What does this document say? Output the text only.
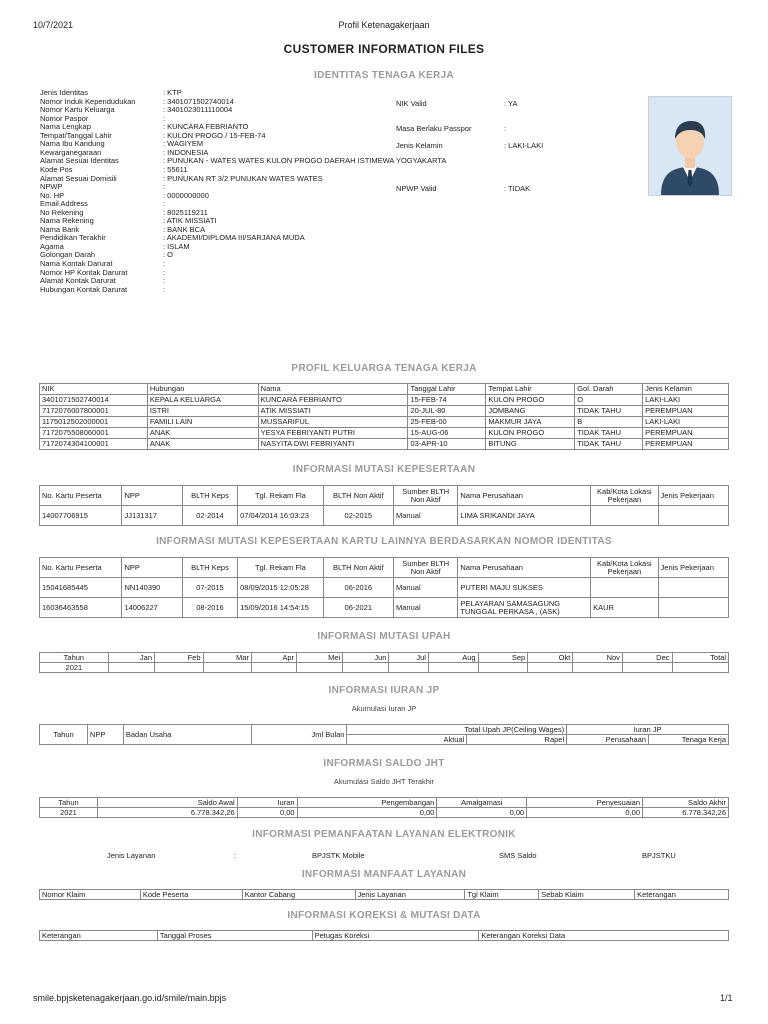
10/7/2021	Profil Ketenagakerjaan
CUSTOMER INFORMATION FILES
IDENTITAS TENAGA KERJA
Jenis Identitas	: KTP
Nomor Induk Kependudukan	: 3401071502740014
Nomor Kartu Keluarga	: 3401023011110004
Nomor Paspor	:
Nama Lengkap	: KUNCARA FEBRIANTO
Tempat/Tanggal Lahir	: KULON PROGO / 15-FEB-74
Nama Ibu Kandung	: WAGIYEM
Kewarganegaraan	: INDONESIA
Alamat Sesuai Identitas	: PUNUKAN - WATES WATES KULON PROGO DAERAH ISTIMEWA YOGYAKARTA
Kode Pos	: 55611
Alamat Sesuai Domisili	: PUNUKAN RT 3/2 PUNUKAN WATES WATES
NPWP	:
No. HP	: 0000000000
Email Address	:
No Rekening	: 8025119211
Nama Rekening	: ATIK MISSIATI
Nama Bank	: BANK BCA
Pendidikan Terakhir	: AKADEMI/DIPLOMA III/SARJANA MUDA
Agama	: ISLAM
Golongan Darah	: O
Nama Kontak Darurat	:
Nomor HP Kontak Darurat	:
Alamat Kontak Darurat	:
Hubungan Kontak Darurat	:
NIK Valid	: YA
Masa Berlaku Passpor	:
Jenis Kelamin	: LAKI-LAKI
NPWP Valid	: TIDAK
PROFIL KELUARGA TENAGA KERJA
NIK	Hubungan	Nama	Tanggal Lahir	Tempat Lahir	Gol. Darah	Jenis Kelamin
3401071502740014	KEPALA KELUARGA	KUNCARA FEBRIANTO	15-FEB-74	KULON PROGO	O	LAKI-LAKI
7172076007800001	ISTRI	ATIK MISSIATI	20-JUL-80	JOMBANG	TIDAK TAHU	PEREMPUAN
1175012502000001	FAMILI LAIN	MUSSARIFUL	25-FEB-00	MAKMUR JAYA	B	LAKI-LAKI
7172075508060001	ANAK	YESYA FEBRIYANTI PUTRI	15-AUG-06	KULON PROGO	TIDAK TAHU	PEREMPUAN
7172074304100001	ANAK	NASYITA DWI FEBRIYANTI	03-APR-10	BITUNG	TIDAK TAHU	PEREMPUAN
INFORMASI MUTASI KEPESERTAAN
No. Kartu Peserta	NPP	BLTH Keps	Tgl. Rekam Fla	BLTH Non Aktif	Sumber BLTH Non Aktif	Nama Perusahaan	Kab/Kota Lokasi Pekerjaan	Jenis Pekerjaan
14007706915	JJ131317	02-2014	07/04/2014 16:03:23	02-2015	Manual	LIMA SRIKANDI JAYA		
INFORMASI MUTASI KEPESERTAAN KARTU LAINNYA BERDASARKAN NOMOR IDENTITAS
No. Kartu Peserta	NPP	BLTH Keps	Tgl. Rekam Fla	BLTH Non Aktif	Sumber BLTH Non Aktif	Nama Perusahaan	Kab/Kota Lokasi Pekerjaan	Jenis Pekerjaan
15041685445	NN140390	07-2015	08/09/2015 12:05:28	06-2016	Manual	PUTERI MAJU SUKSES		
16036463558	14006227	08-2016	15/09/2016 14:54:15	06-2021	Manual	PELAYARAN SAMASAGUNG TUNGGAL PERKASA , (ASK)	KAUR	
INFORMASI MUTASI UPAH
Tahun	Jan	Feb	Mar	Apr	Mei	Jun	Jul	Aug	Sep	Okt	Nov	Dec	Total
2021													
INFORMASI IURAN JP
Akumulasi Iuran JP
Tahun	NPP	Badan Usaha	Jml Bulan	Total Upah JP(Ceiling Wages)		Iuran JP	
				Aktual	Rapel	Perusahaan	Tenaga Kerja
INFORMASI SALDO JHT
Akumulasi Saldo JHT Terakhir
Tahun	Saldo Awal	Iuran	Pengembangan	Amalgamasi	Penyesuaian	Saldo Akhir
2021	6.778.342,26	0,00	0,00	0,00	0,00	6.778.342,26
INFORMASI PEMANFAATAN LAYANAN ELEKTRONIK
Jenis Layanan	:	BPJSTK Mobile	SMS Saldo	BPJSTKU
INFORMASI MANFAAT LAYANAN
Nomor Klaim	Kode Peserta	Kantor Cabang	Jenis Layanan	Tgl Klaim	Sebab Klaim	Keterangan
INFORMASI KOREKSI & MUTASI DATA
Keterangan	Tanggal Proses	Petugas Koreksi	Keterangan Koreksi Data
smile.bpjsketenagakerjaan.go.id/smile/main.bpjs	1/1
